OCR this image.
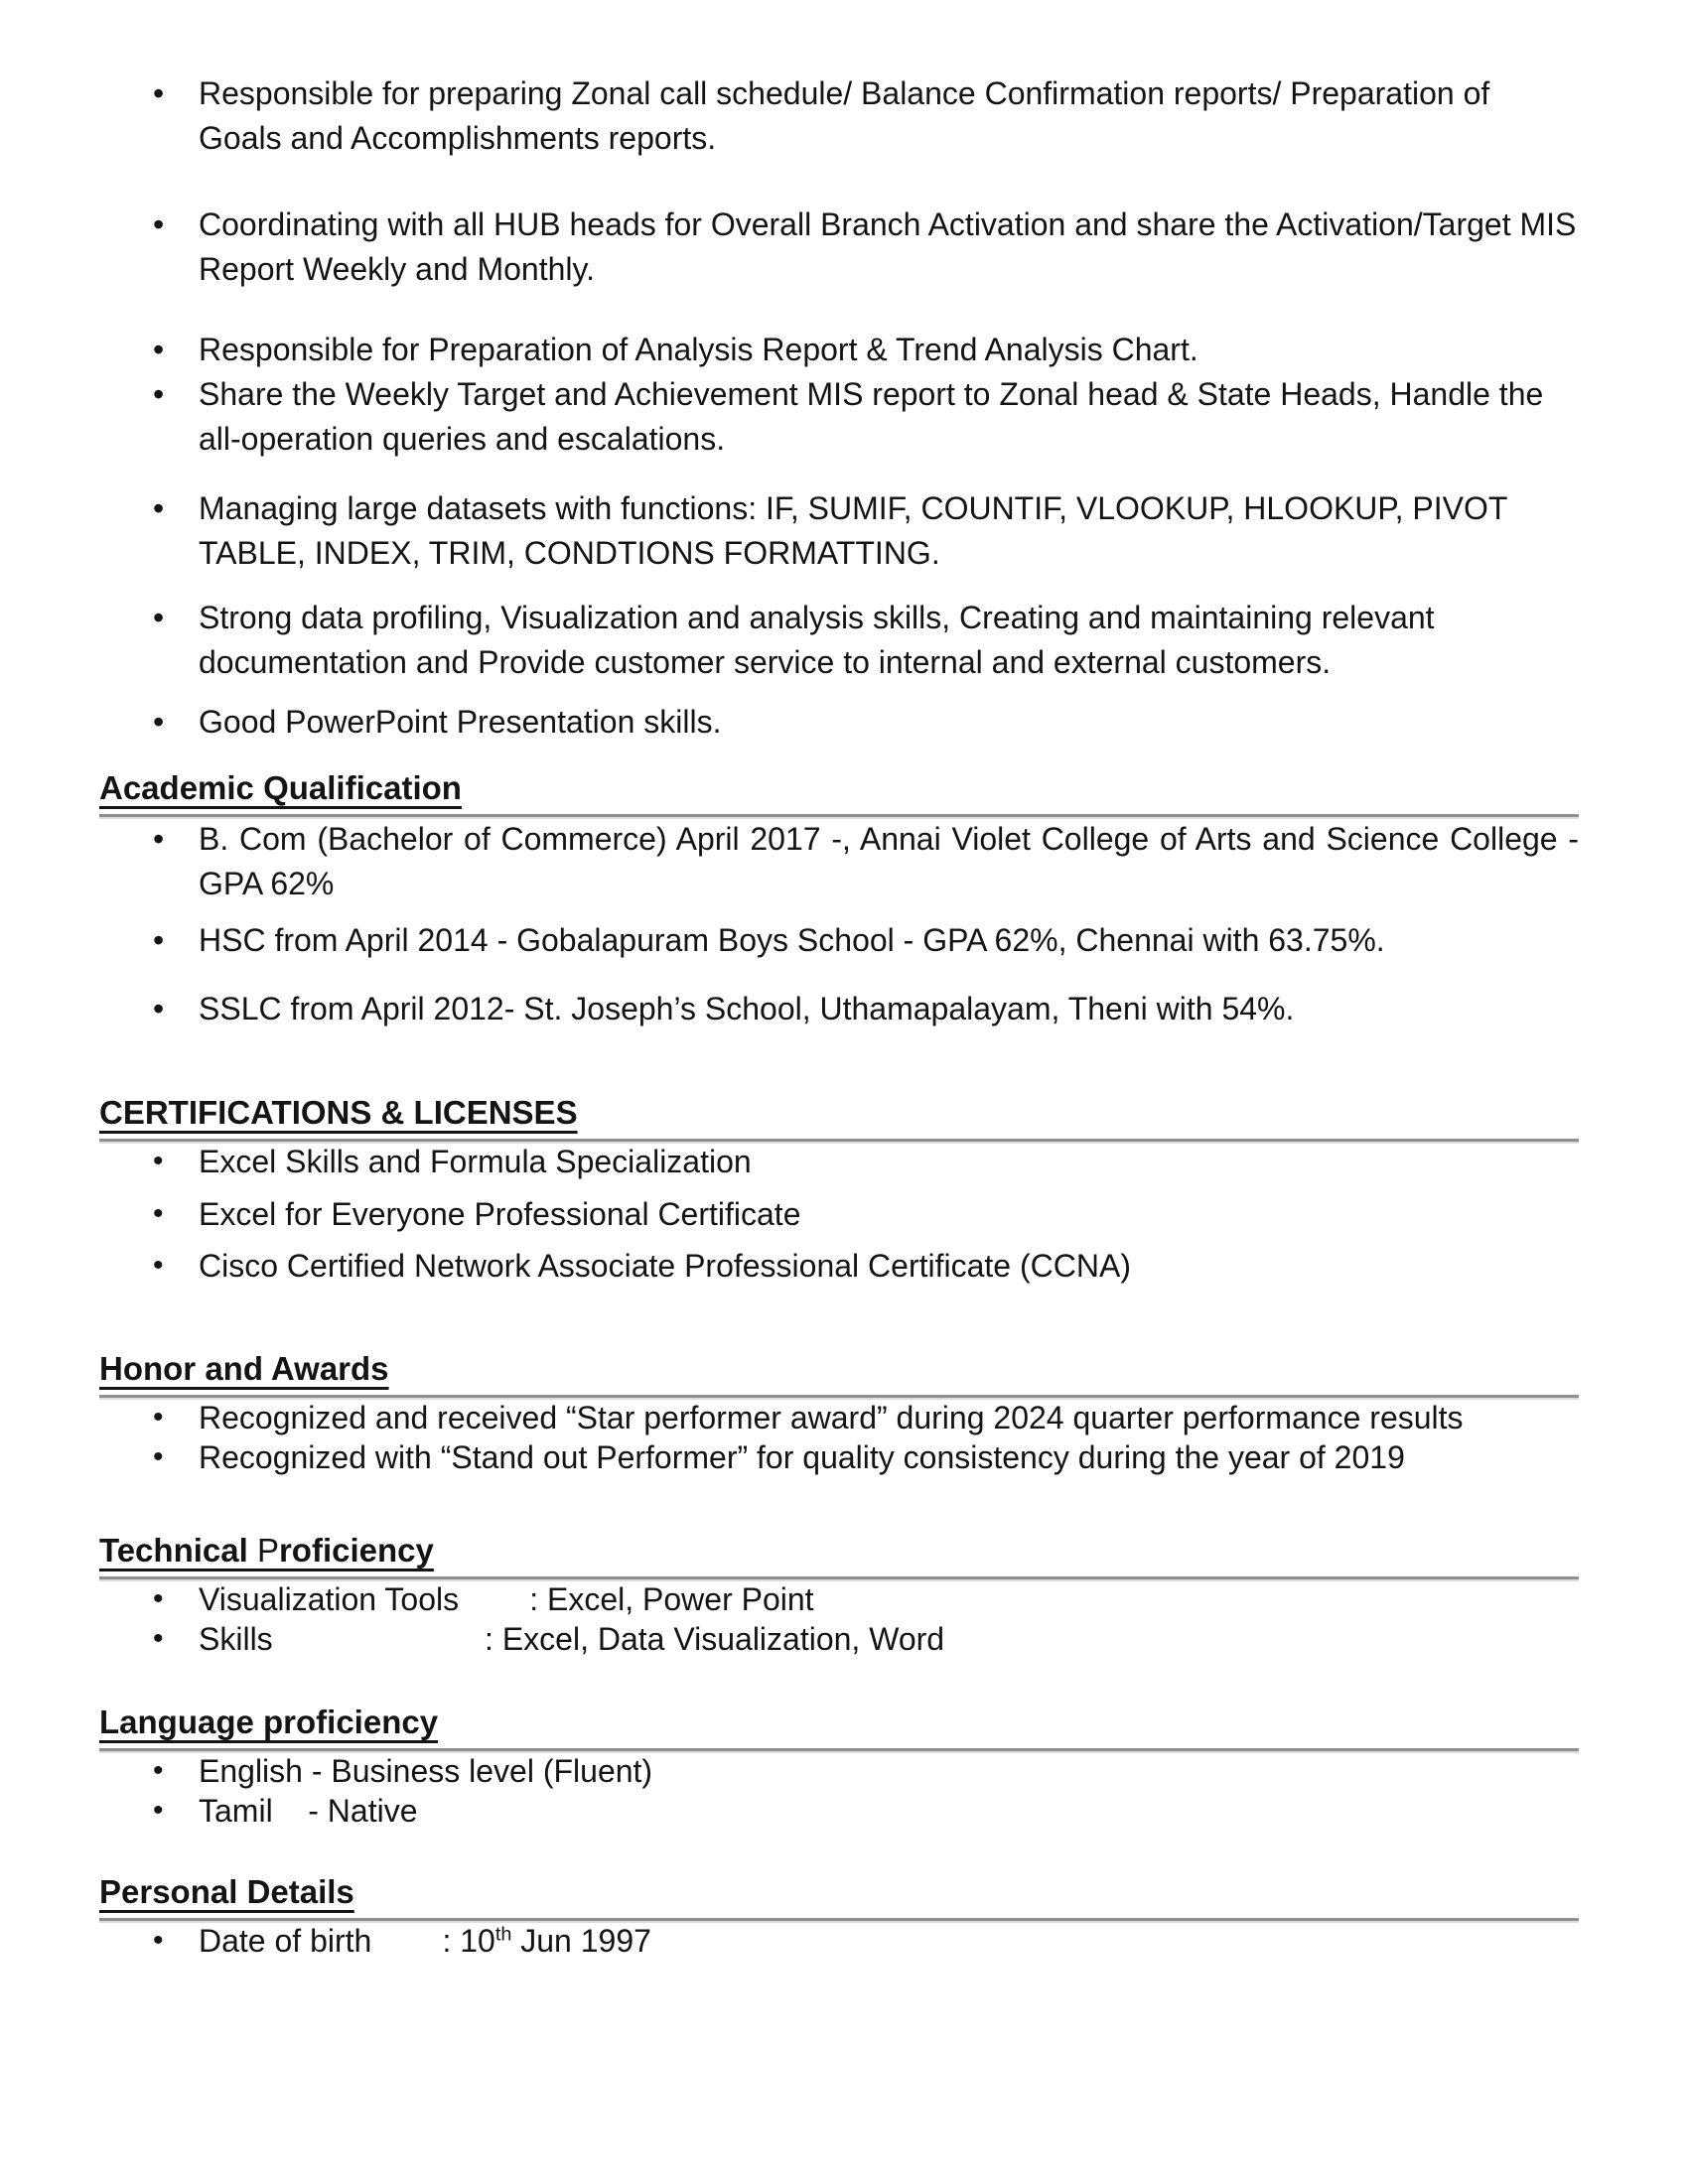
• Responsible for preparing Zonal call schedule/ Balance Confirmation reports/ Preparation of Goals and Accomplishments reports.
• Coordinating with all HUB heads for Overall Branch Activation and share the Activation/Target MIS Report Weekly and Monthly.
• Responsible for Preparation of Analysis Report & Trend Analysis Chart.
• Share the Weekly Target and Achievement MIS report to Zonal head & State Heads, Handle the all-operation queries and escalations.
• Managing large datasets with functions: IF, SUMIF, COUNTIF, VLOOKUP, HLOOKUP, PIVOT TABLE, INDEX, TRIM, CONDTIONS FORMATTING.
• Strong data profiling, Visualization and analysis skills, Creating and maintaining relevant documentation and Provide customer service to internal and external customers.
• Good PowerPoint Presentation skills.
Academic Qualification
• B. Com (Bachelor of Commerce) April 2017 -, Annai Violet College of Arts and Science College - GPA 62%
• HSC from April 2014 - Gobalapuram Boys School - GPA 62%, Chennai with 63.75%.
• SSLC from April 2012- St. Joseph’s School, Uthamapalayam, Theni with 54%.
CERTIFICATIONS & LICENSES
• Excel Skills and Formula Specialization
• Excel for Everyone Professional Certificate
• Cisco Certified Network Associate Professional Certificate (CCNA)
Honor and Awards
• Recognized and received “Star performer award” during 2024 quarter performance results
• Recognized with “Stand out Performer” for quality consistency during the year of 2019
Technical Proficiency
• Visualization Tools        : Excel, Power Point
• Skills                        : Excel, Data Visualization, Word
Language proficiency
• English - Business level (Fluent)
• Tamil    - Native
Personal Details
• Date of birth        : 10th Jun 1997
